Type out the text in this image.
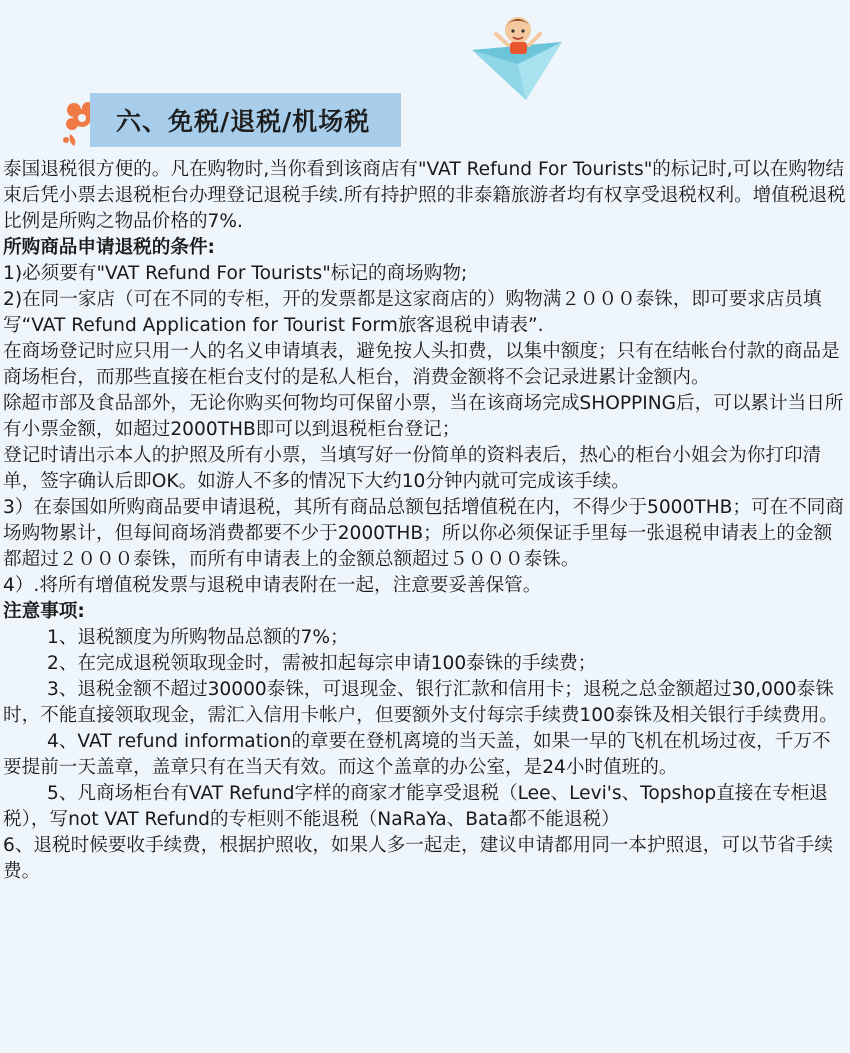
六、免税/退税/机场税

泰国退税很方便的。凡在购物时,当你看到该商店有"VAT Refund For Tourists"的标记时,可以在购物结束后凭小票去退税柜台办理登记退税手续.所有持护照的非泰籍旅游者均有权享受退税权利。增值税退税比例是所购之物品价格的7%.

所购商品申请退税的条件:

1)必须要有"VAT Refund For Tourists"标记的商场购物;

2)在同一家店（可在不同的专柜，开的发票都是这家商店的）购物满２０００泰铢，即可要求店员填写“VAT Refund Application for Tourist Form旅客退税申请表”.

在商场登记时应只用一人的名义申请填表，避免按人头扣费，以集中额度；只有在结帐台付款的商品是商场柜台，而那些直接在柜台支付的是私人柜台，消费金额将不会记录进累计金额内。

除超市部及食品部外，无论你购买何物均可保留小票，当在该商场完成SHOPPING后，可以累计当日所有小票金额，如超过2000THB即可以到退税柜台登记；

登记时请出示本人的护照及所有小票，当填写好一份简单的资料表后，热心的柜台小姐会为你打印清单，签字确认后即OK。如游人不多的情况下大约10分钟内就可完成该手续。

3）在泰国如所购商品要申请退税，其所有商品总额包括增值税在内，不得少于5000THB；可在不同商场购物累计，但每间商场消费都要不少于2000THB；所以你必须保证手里每一张退税申请表上的金额都超过２０００泰铢，而所有申请表上的金额总额超过５０００泰铢。

4）.将所有增值税发票与退税申请表附在一起，注意要妥善保管。

注意事项:

1、退税额度为所购物品总额的7%；

2、在完成退税领取现金时，需被扣起每宗申请100泰铢的手续费；

3、退税金额不超过30000泰铢，可退现金、银行汇款和信用卡；退税之总金额超过30,000泰铢时，不能直接领取现金，需汇入信用卡帐户，但要额外支付每宗手续费100泰铢及相关银行手续费用。

4、VAT refund information的章要在登机离境的当天盖，如果一早的飞机在机场过夜，千万不要提前一天盖章，盖章只有在当天有效。而这个盖章的办公室，是24小时值班的。

5、凡商场柜台有VAT Refund字样的商家才能享受退税（Lee、Levi's、Topshop直接在专柜退税），写not VAT Refund的专柜则不能退税（NaRaYa、Bata都不能退税）

6、退税时候要收手续费，根据护照收，如果人多一起走，建议申请都用同一本护照退，可以节省手续费。
